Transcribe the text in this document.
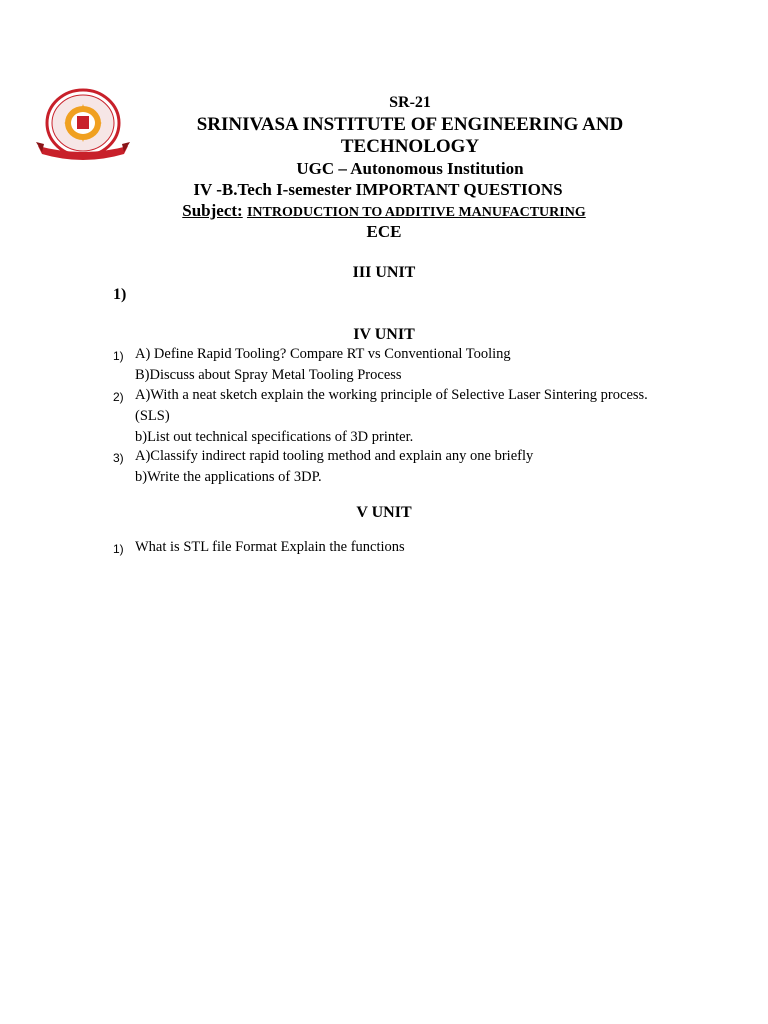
SR-21
SRINIVASA INSTITUTE OF ENGINEERING AND
TECHNOLOGY
UGC – Autonomous Institution
IV -B.Tech I-semester IMPORTANT QUESTIONS
Subject: INTRODUCTION TO ADDITIVE MANUFACTURING
ECE
III UNIT
1)
IV UNIT
1) A) Define Rapid Tooling? Compare RT vs Conventional Tooling
B)Discuss about Spray Metal Tooling Process
2) A)With a neat sketch explain the working principle of Selective Laser Sintering process.
(SLS)
b)List out technical specifications of 3D printer.
3) A)Classify indirect rapid tooling method and explain any one briefly
b)Write the applications of 3DP.
V UNIT
1) What is STL file Format Explain the functions
